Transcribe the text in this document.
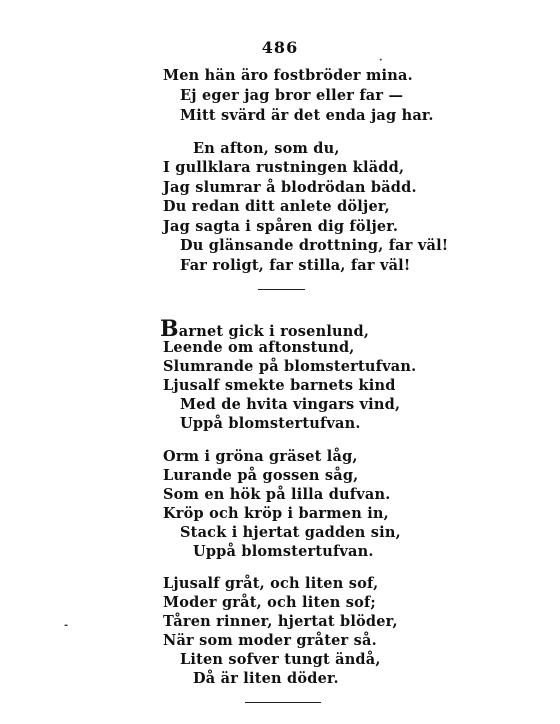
486
Men hän äro fostbröder mina.
Ej eger jag bror eller far —
Mitt svärd är det enda jag har.
En afton, som du,
I gullklara rustningen klädd,
Jag slumrar å blodrödan bädd.
Du redan ditt anlete döljer,
Jag sagta i spåren dig följer.
Du glänsande drottning, far väl!
Far roligt, far stilla, far väl!
Barnet gick i rosenlund,
Leende om aftonstund,
Slumrande på blomstertufvan.
Ljusalf smekte barnets kind
Med de hvita vingars vind,
Uppå blomstertufvan.
Orm i gröna gräset låg,
Lurande på gossen såg,
Som en hök på lilla dufvan.
Kröp och kröp i barmen in,
Stack i hjertat gadden sin,
Uppå blomstertufvan.
Ljusalf gråt, och liten sof,
Moder gråt, och liten sof;
Tåren rinner, hjertat blöder,
När som moder gråter så.
Liten sofver tungt ändå,
Då är liten döder.
-
·
